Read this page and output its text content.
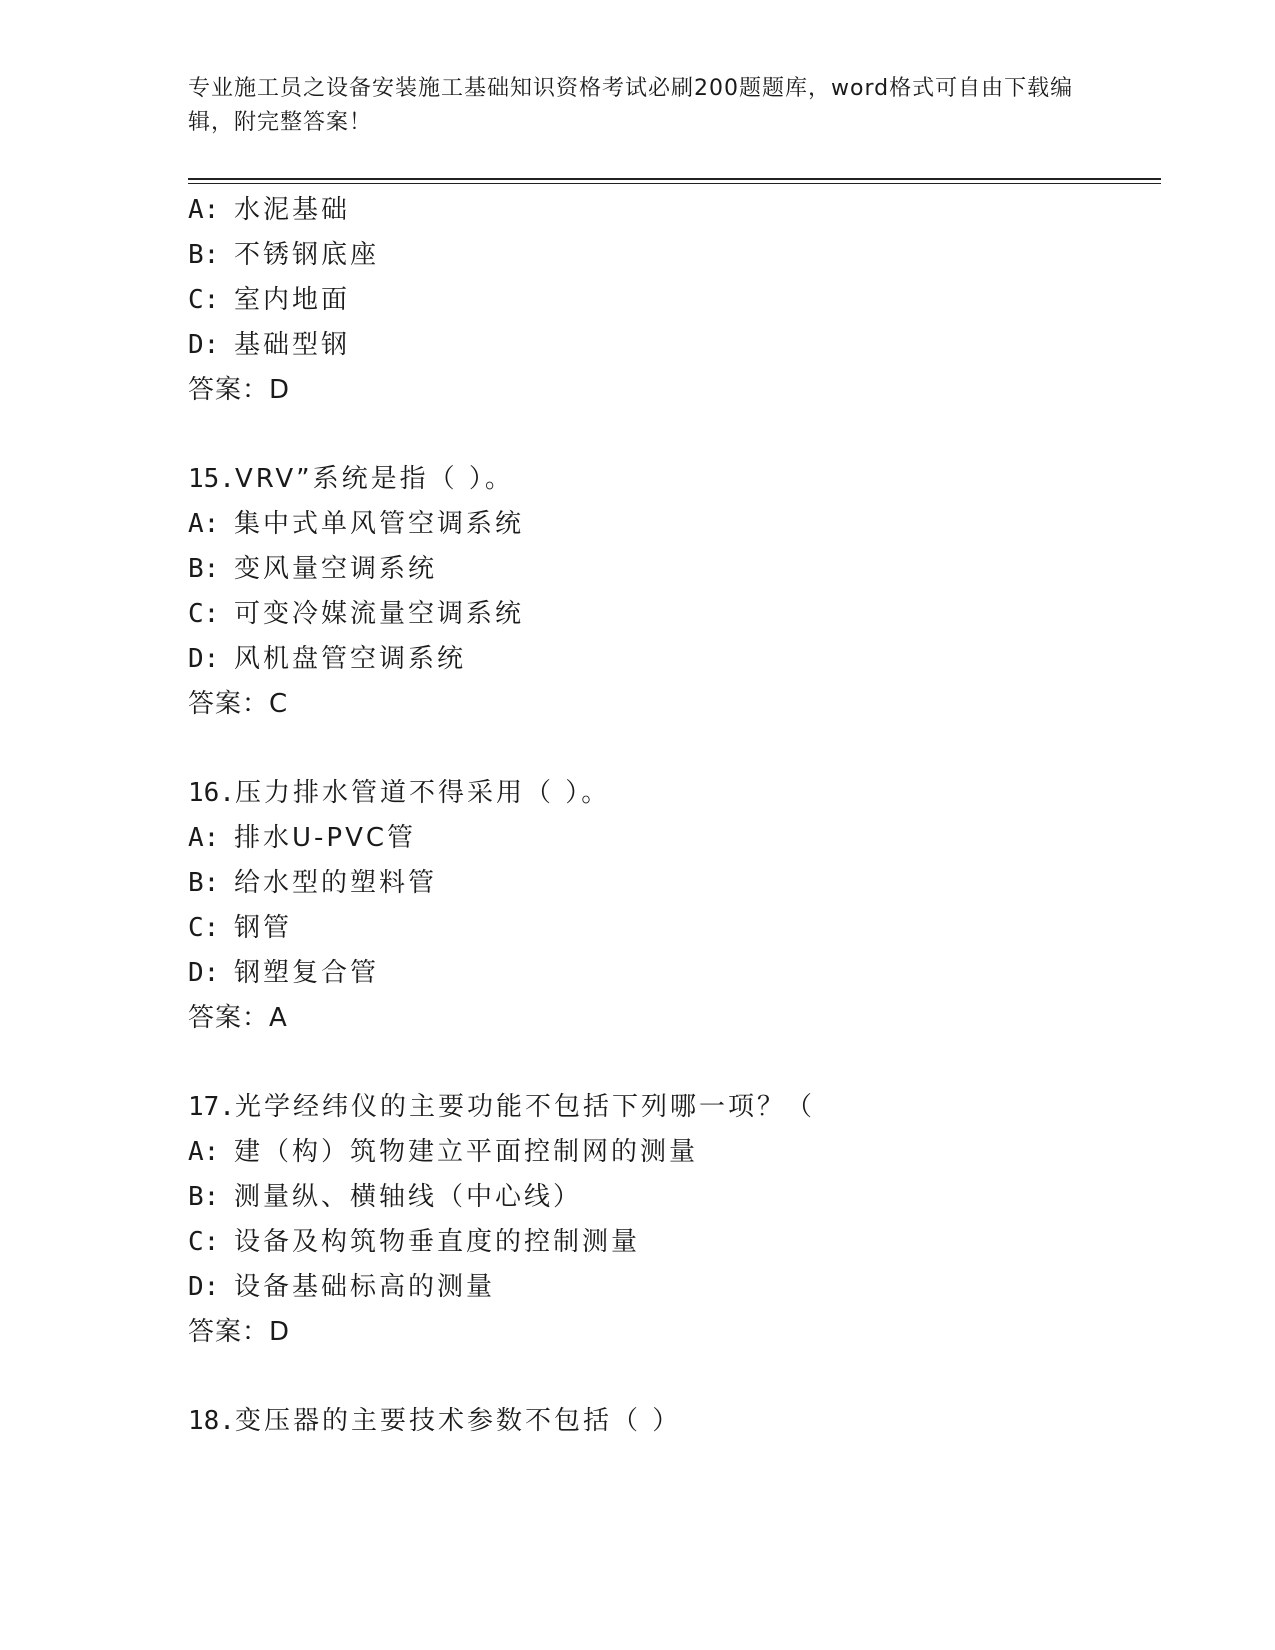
专业施工员之设备安装施工基础知识资格考试必刷200题题库，word格式可自由下载编辑，附完整答案！
A: 水泥基础
B: 不锈钢底座
C: 室内地面
D: 基础型钢
答案：D
15.VRV”系统是指（ ）。
A: 集中式单风管空调系统
B: 变风量空调系统
C: 可变冷媒流量空调系统
D: 风机盘管空调系统
答案：C
16.压力排水管道不得采用（ ）。
A: 排水U-PVC管
B: 给水型的塑料管
C: 钢管
D: 钢塑复合管
答案：A
17.光学经纬仪的主要功能不包括下列哪一项？（
A: 建（构）筑物建立平面控制网的测量
B: 测量纵、横轴线（中心线）
C: 设备及构筑物垂直度的控制测量
D: 设备基础标高的测量
答案：D
18.变压器的主要技术参数不包括（ ）
